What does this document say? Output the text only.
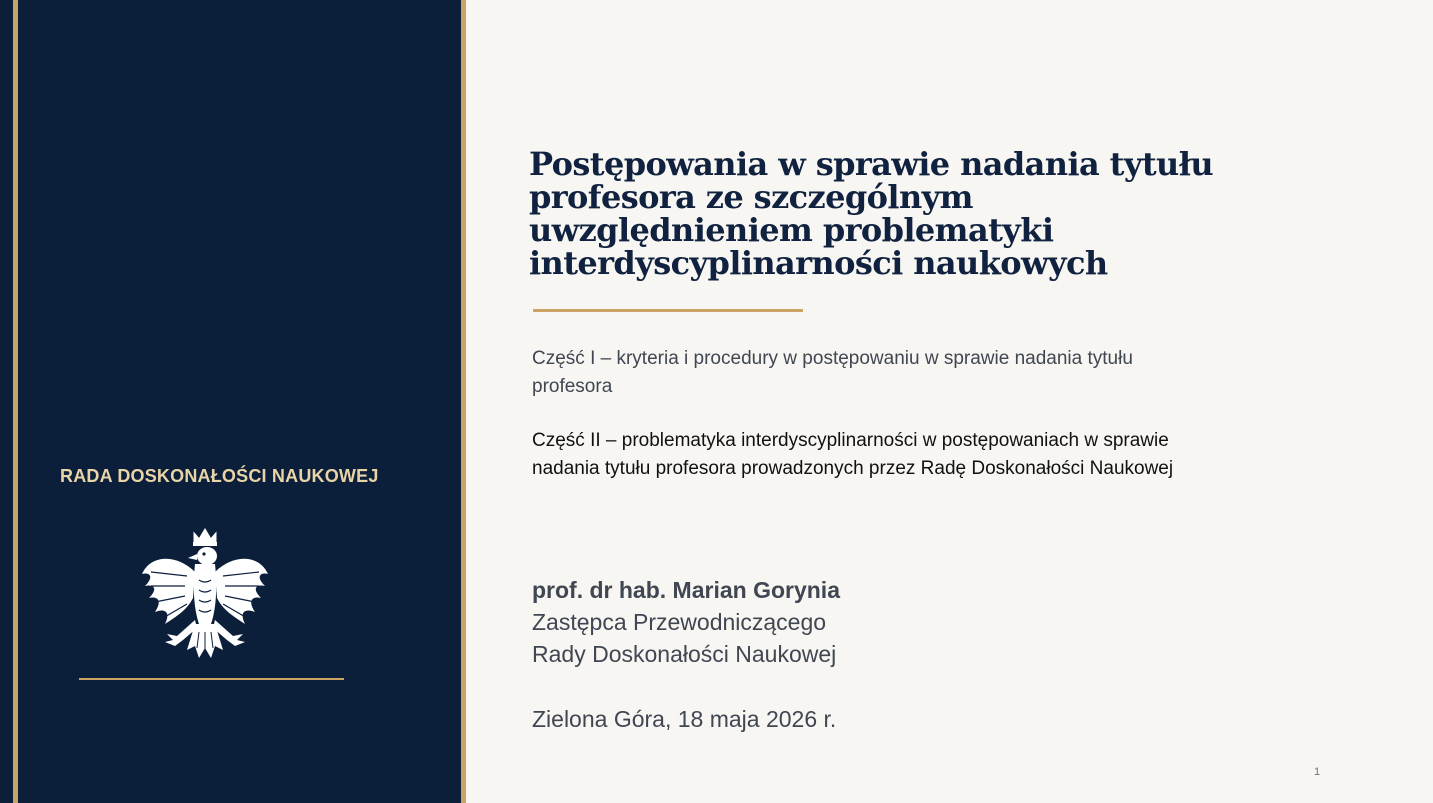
RADA DOSKONAŁOŚCI NAUKOWEJ
Postępowania w sprawie nadania tytułu
profesora ze szczególnym
uwzględnieniem problematyki
interdyscyplinarności naukowych
Część I – kryteria i procedury w postępowaniu w sprawie nadania tytułu
profesora
Część II – problematyka interdyscyplinarności w postępowaniach w sprawie
nadania tytułu profesora prowadzonych przez Radę Doskonałości Naukowej
prof. dr hab. Marian Gorynia
Zastępca Przewodniczącego
Rady Doskonałości Naukowej
Zielona Góra, 18 maja 2026 r.
1
